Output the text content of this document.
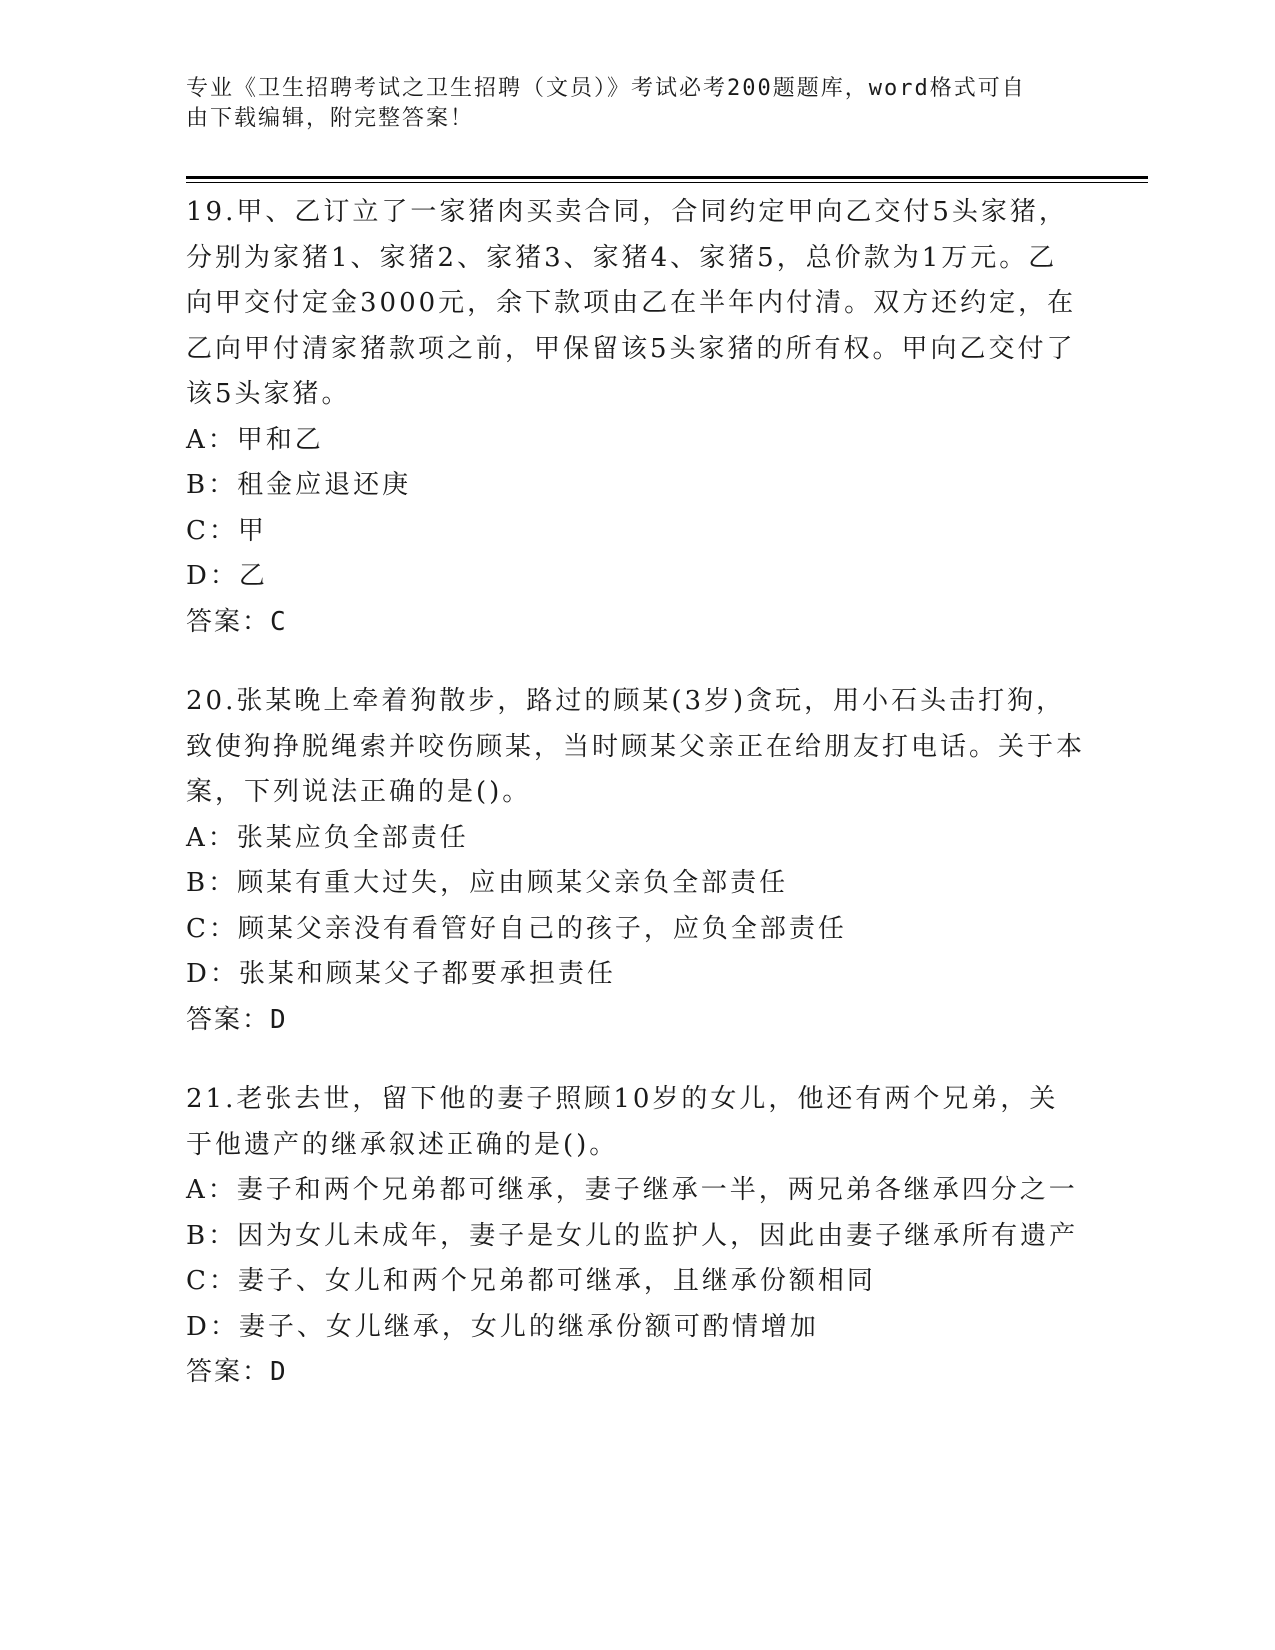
专业《卫生招聘考试之卫生招聘（文员）》考试必考200题题库，word格式可自
由下载编辑，附完整答案！

19.甲、乙订立了一家猪肉买卖合同，合同约定甲向乙交付5头家猪，分别为家猪1、家猪2、家猪3、家猪4、家猪5，总价款为1万元。乙向甲交付定金3000元，余下款项由乙在半年内付清。双方还约定，在乙向甲付清家猪款项之前，甲保留该5头家猪的所有权。甲向乙交付了该5头家猪。

A：甲和乙

B：租金应退还庚

C：甲

D：乙

答案：C

20.张某晚上牵着狗散步，路过的顾某(3岁)贪玩，用小石头击打狗，致使狗挣脱绳索并咬伤顾某，当时顾某父亲正在给朋友打电话。关于本案，下列说法正确的是()。

A：张某应负全部责任

B：顾某有重大过失，应由顾某父亲负全部责任

C：顾某父亲没有看管好自己的孩子，应负全部责任

D：张某和顾某父子都要承担责任

答案：D

21.老张去世，留下他的妻子照顾10岁的女儿，他还有两个兄弟，关于他遗产的继承叙述正确的是()。

A：妻子和两个兄弟都可继承，妻子继承一半，两兄弟各继承四分之一

B：因为女儿未成年，妻子是女儿的监护人，因此由妻子继承所有遗产

C：妻子、女儿和两个兄弟都可继承，且继承份额相同

D：妻子、女儿继承，女儿的继承份额可酌情增加

答案：D
